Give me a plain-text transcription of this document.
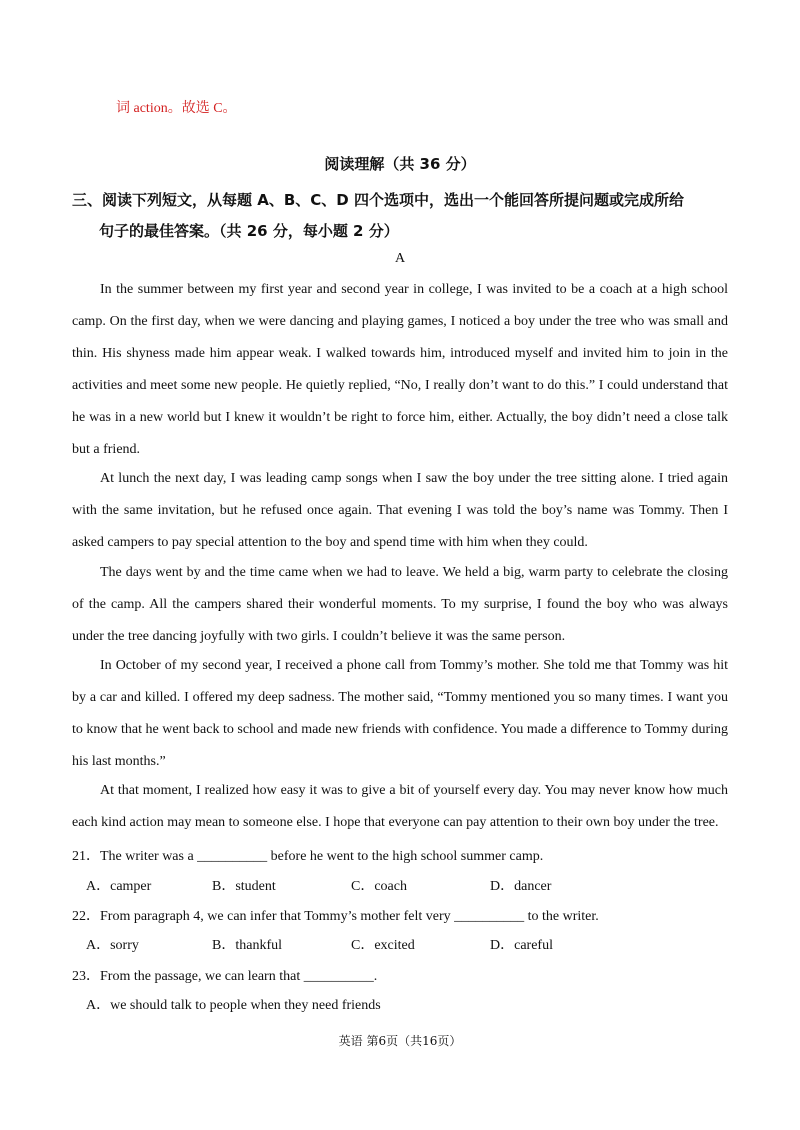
词 action。故选 C。
阅读理解（共 36 分）
三、阅读下列短文，从每题 A、B、C、D 四个选项中，选出一个能回答所提问题或完成所给
句子的最佳答案。（共 26 分，每小题 2 分）
A

In the summer between my first year and second year in college, I was invited to be a coach at a high school camp. On the first day, when we were dancing and playing games, I noticed a boy under the tree who was small and thin. His shyness made him appear weak. I walked towards him, introduced myself and invited him to join in the activities and meet some new people. He quietly replied, “No, I really don’t want to do this.” I could understand that he was in a new world but I knew it wouldn’t be right to force him, either. Actually, the boy didn’t need a close talk but a friend.

At lunch the next day, I was leading camp songs when I saw the boy under the tree sitting alone. I tried again with the same invitation, but he refused once again. That evening I was told the boy’s name was Tommy. Then I asked campers to pay special attention to the boy and spend time with him when they could.

The days went by and the time came when we had to leave. We held a big, warm party to celebrate the closing of the camp. All the campers shared their wonderful moments. To my surprise, I found the boy who was always under the tree dancing joyfully with two girls. I couldn’t believe it was the same person.

In October of my second year, I received a phone call from Tommy’s mother. She told me that Tommy was hit by a car and killed. I offered my deep sadness. The mother said, “Tommy mentioned you so many times. I want you to know that he went back to school and made new friends with confidence. You made a difference to Tommy during his last months.”

At that moment, I realized how easy it was to give a bit of yourself every day. You may never know how much each kind action may mean to someone else. I hope that everyone can pay attention to their own boy under the tree.

21．The writer was a __________ before he went to the high school summer camp.
A．camper	B．student	C．coach	D．dancer
22．From paragraph 4, we can infer that Tommy’s mother felt very __________ to the writer.
A．sorry	B．thankful	C．excited	D．careful
23．From the passage, we can learn that __________.
A．we should talk to people when they need friends
英语 第6页（共16页）
